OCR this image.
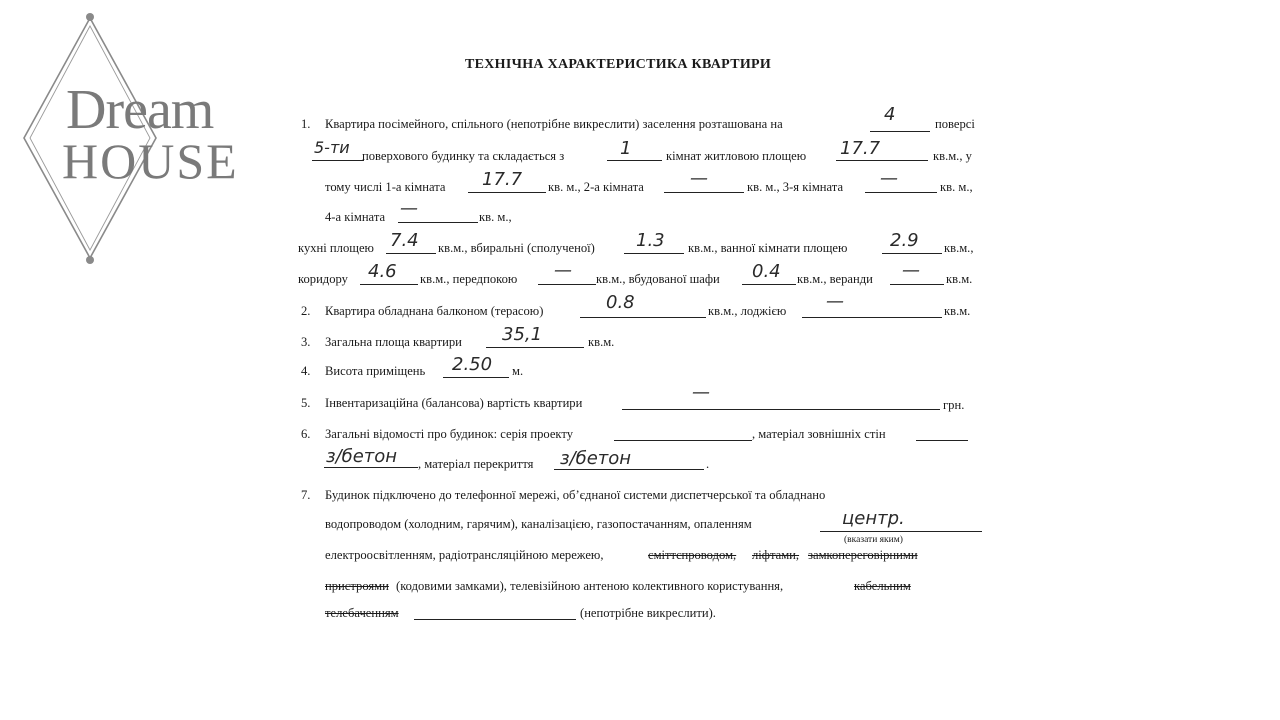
Dream
HOUSE
ТЕХНІЧНА ХАРАКТЕРИСТИКА КВАРТИРИ
1. Квартира посімейного, спільного (непотрібне викреслити) заселення розташована на	4	поверсі
5-ти поверхового будинку та складається з	1	кімнат житловою площею 17.7	кв.м., у
тому числі 1-а кімната 17.7 кв. м., 2-а кімната	—	кв. м., 3-я кімната —	кв. м.,
4-а кімната —	кв. м.,
кухні площею 7.4 кв.м., вбиральні (сполученої) 1.3 кв.м., ванної кімнати площею 2.9 кв.м.,
коридору 4.6 кв.м., передпокою — кв.м., вбудованої шафи 0.4 кв.м., веранди — кв.м.
2. Квартира обладнана балконом (терасою)	0.8	кв.м., лоджією —	кв.м.
3. Загальна площа квартири 35,1	кв.м.
4. Висота приміщень 2.50 м.
5. Інвентаризаційна (балансова) вартість квартири	—
грн.
6. Загальні відомості про будинок: серія проекту	, матеріал зовнішніх стін
з/бетон , матеріал перекриття з/бетон	.
7. Будинок підключено до телефонної мережі, об’єднаної системи диспетчерської та обладнано
водопроводом (холодним, гарячим), каналізацією, газопостачанням, опаленням	центр.
(вказати яким)
електроосвітленням, радіотрансляційною мережею,	сміттєпроводом, ліфтами, замкопереговірними
пристроями (кодовими замками), телевізійною антеною колективного користування,	кабельним
телебаченням	(непотрібне викреслити).
